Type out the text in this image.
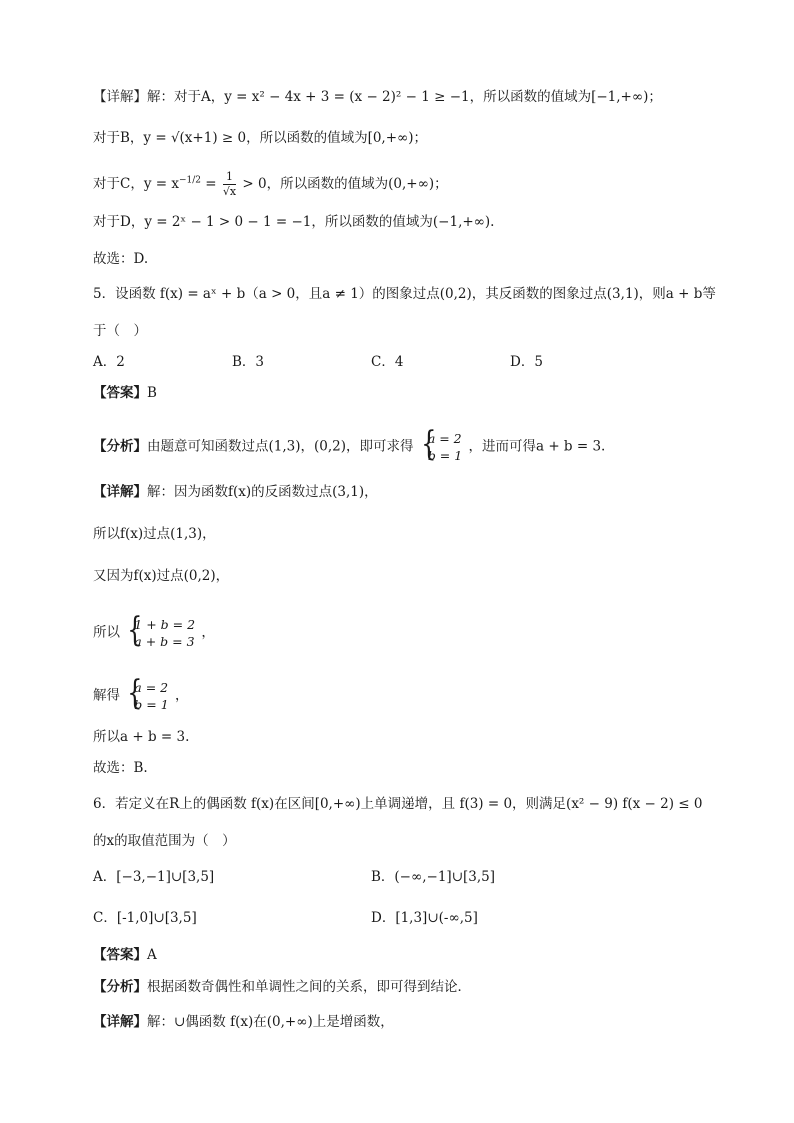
【详解】解：对于A，y = x² − 4x + 3 = (x − 2)² − 1 ≥ −1，所以函数的值域为[−1,+∞)；
对于B，y = √(x+1) ≥ 0，所以函数的值域为[0,+∞)；
对于C，$y = x^{-1/2} = \frac{1}{√x} > 0$，所以函数的值域为(0,+∞)；
对于D，y = 2ˣ − 1 > 0 − 1 = −1，所以函数的值域为(−1,+∞).
故选：D.
5．设函数 f(x) = aˣ + b（a > 0，且a ≠ 1）的图象过点(0,2)，其反函数的图象过点(3,1)，则a + b等
于（　）
A．2	B．3	C．4	D．5
【答案】B
【分析】由题意可知函数过点(1,3)，(0,2)，即可求得 { a = 2
b = 1
，进而可得a + b = 3.
【详解】解：因为函数f(x)的反函数过点(3,1)，
所以f(x)过点(1,3)，
又因为f(x)过点(0,2)，
所以 { 1 + b = 2
a + b = 3
，
解得 { a = 2
b = 1
，
所以a + b = 3.
故选：B.
6．若定义在R上的偶函数 f(x)在区间[0,+∞)上单调递增，且 f(3) = 0，则满足(x² − 9) f(x − 2) ≤ 0
的x的取值范围为（　）
A．[−3,−1]∪[3,5]	B．(−∞,−1]∪[3,5]
C．[-1,0]∪[3,5]	D．[1,3]∪(-∞,5]
【答案】A
【分析】根据函数奇偶性和单调性之间的关系，即可得到结论．
【详解】解：∪偶函数 f(x)在(0,+∞)上是增函数，
